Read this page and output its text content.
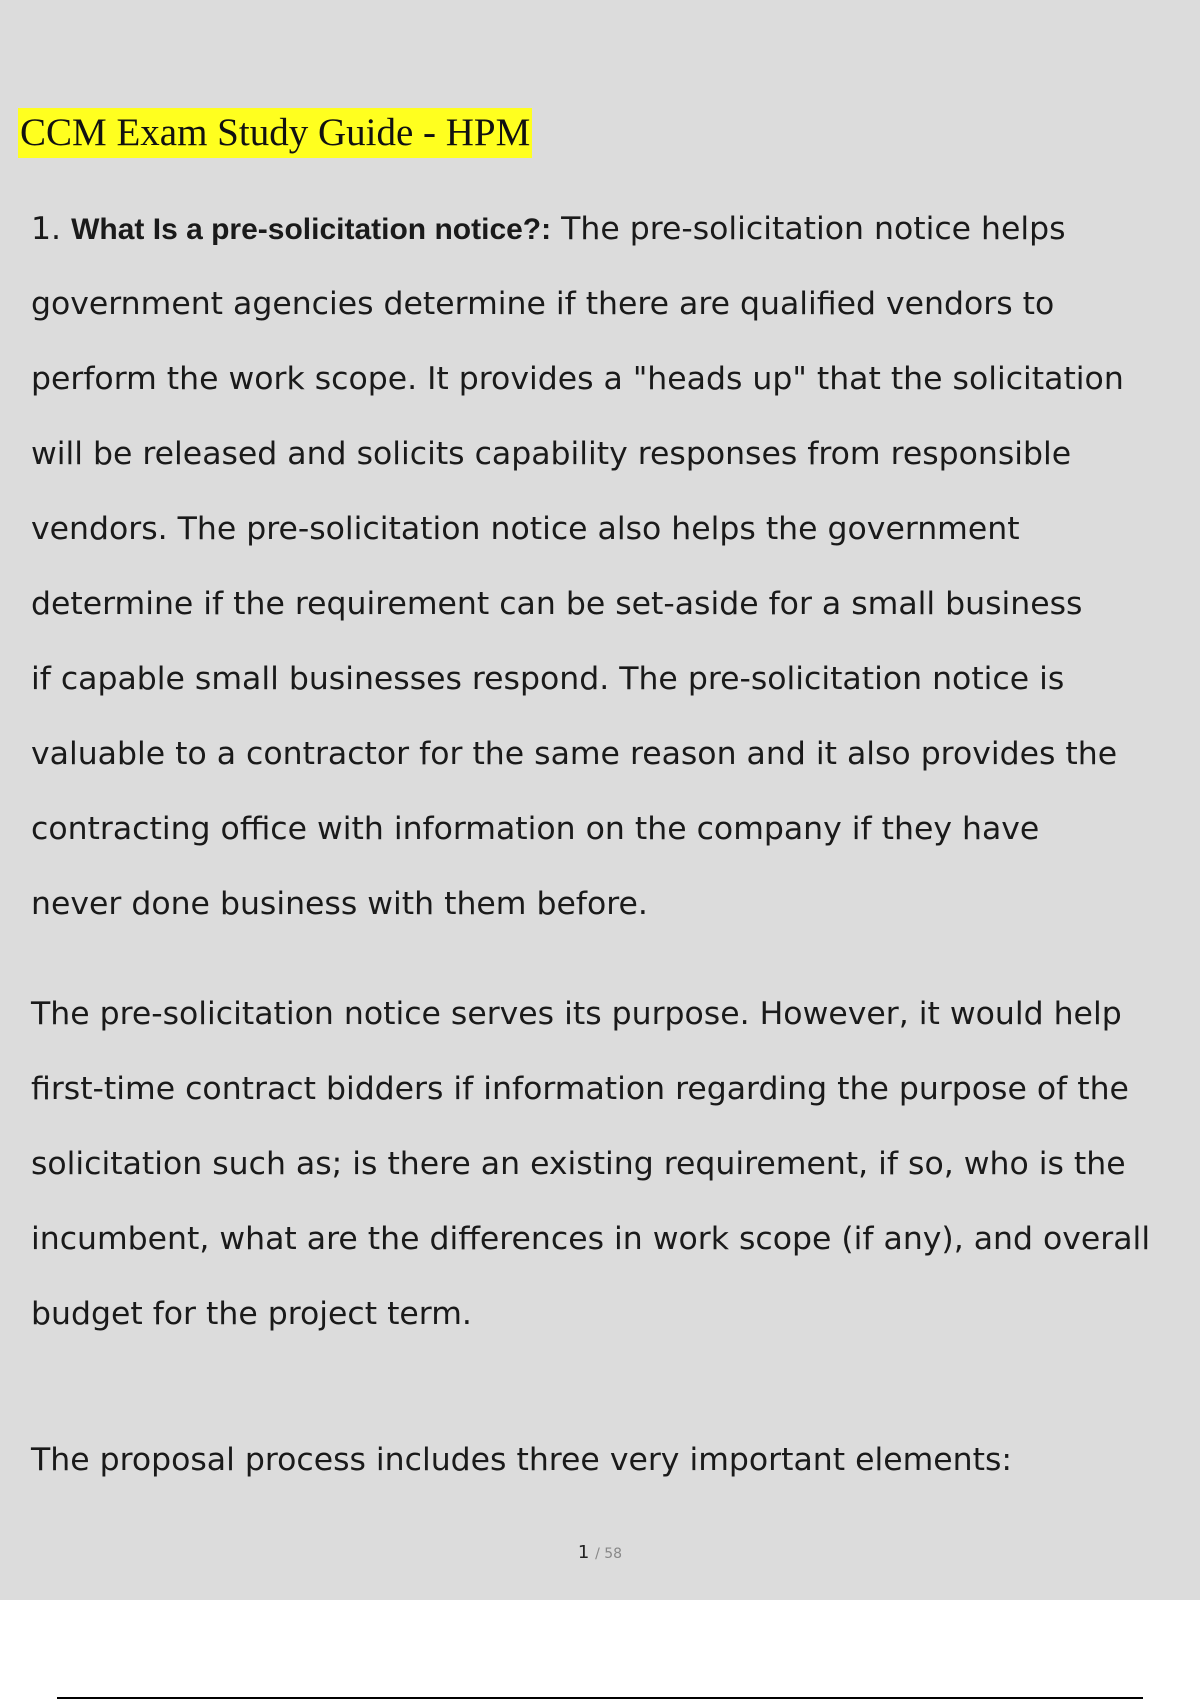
CCM Exam Study Guide - HPM
1. What Is a pre-solicitation notice?: The pre-solicitation notice helps
government agencies determine if there are qualified vendors to
perform the work scope. It provides a "heads up" that the solicitation
will be released and solicits capability responses from responsible
vendors. The pre-solicitation notice also helps the government
determine if the requirement can be set-aside for a small business
if capable small businesses respond. The pre-solicitation notice is
valuable to a contractor for the same reason and it also provides the
contracting office with information on the company if they have
never done business with them before.
The pre-solicitation notice serves its purpose. However, it would help
first-time contract bidders if information regarding the purpose of the
solicitation such as; is there an existing requirement, if so, who is the
incumbent, what are the differences in work scope (if any), and overall
budget for the project term.
The proposal process includes three very important elements:
1 / 58
